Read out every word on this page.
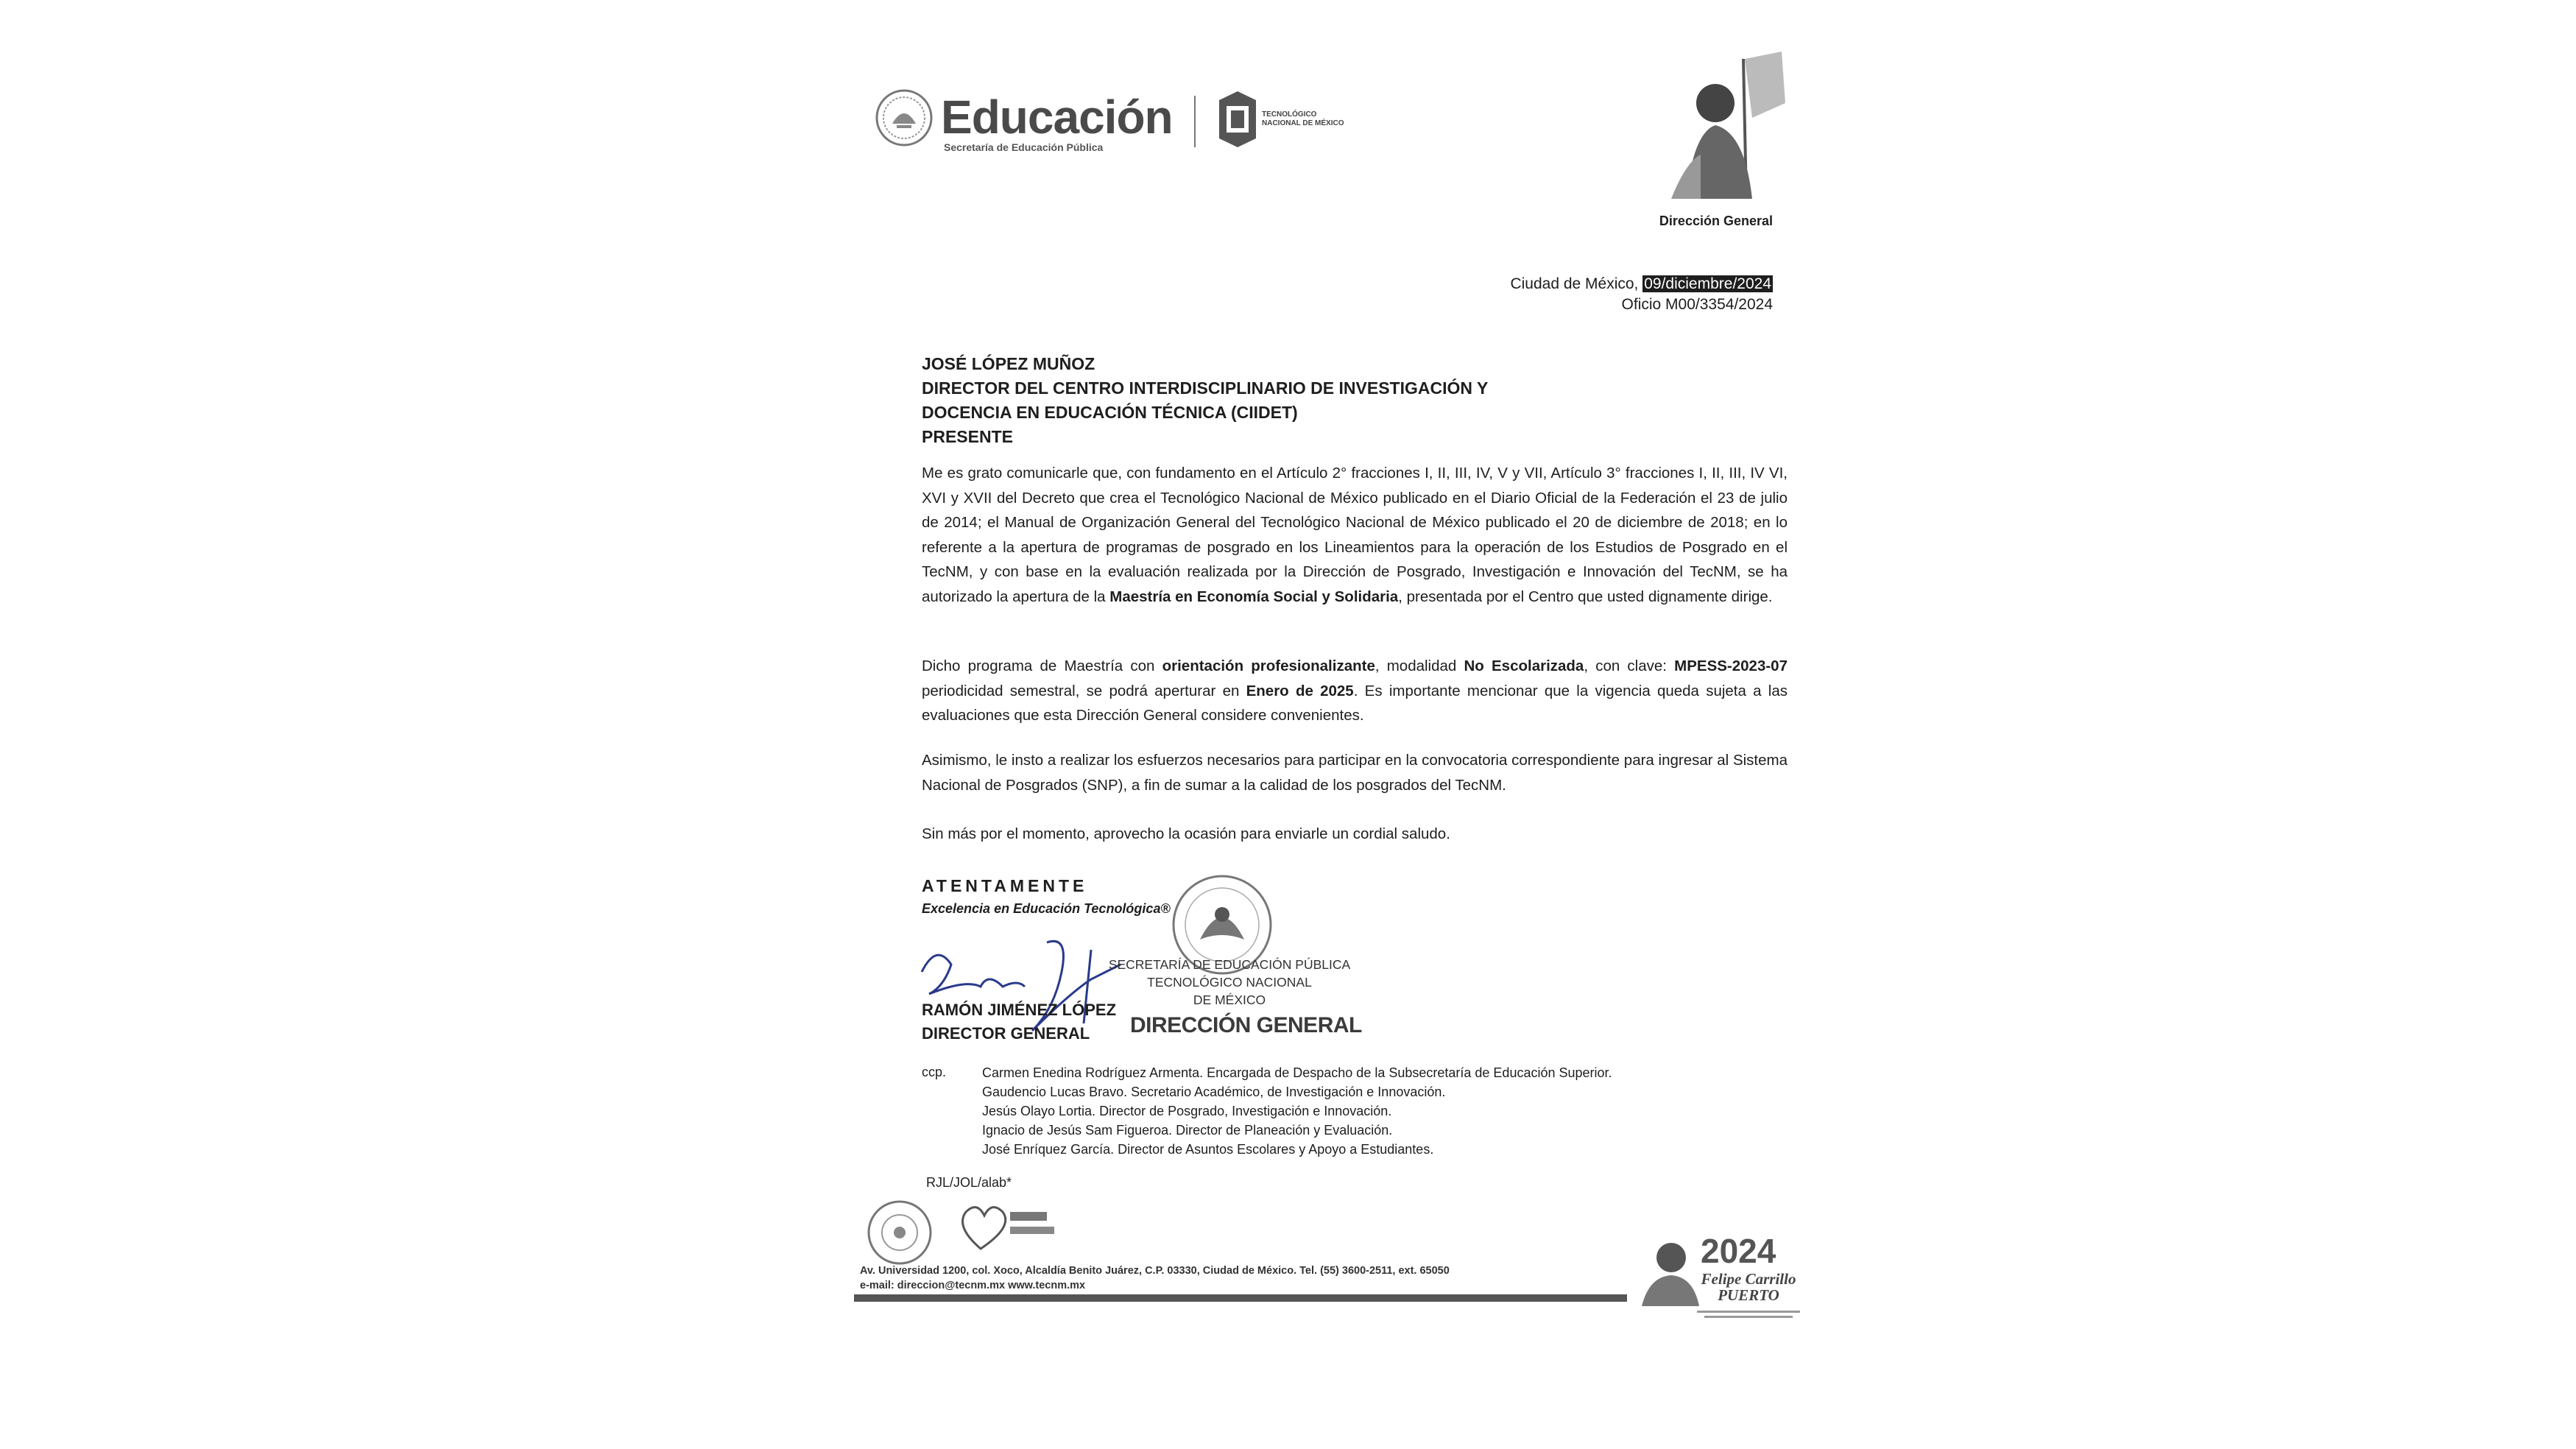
Educación
Secretaría de Educación Pública
TECNOLÓGICO
NACIONAL DE MÉXICO
Dirección General
Ciudad de México, 09/diciembre/2024
Oficio M00/3354/2024
JOSÉ LÓPEZ MUÑOZ
DIRECTOR DEL CENTRO INTERDISCIPLINARIO DE INVESTIGACIÓN Y
DOCENCIA EN EDUCACIÓN TÉCNICA (CIIDET)
PRESENTE

Me es grato comunicarle que, con fundamento en el Artículo 2° fracciones I, II, III, IV, V y VII, Artículo 3° fracciones I, II, III, IV VI, XVI y XVII del Decreto que crea el Tecnológico Nacional de México publicado en el Diario Oficial de la Federación el 23 de julio de 2014; el Manual de Organización General del Tecnológico Nacional de México publicado el 20 de diciembre de 2018; en lo referente a la apertura de programas de posgrado en los Lineamientos para la operación de los Estudios de Posgrado en el TecNM, y con base en la evaluación realizada por la Dirección de Posgrado, Investigación e Innovación del TecNM, se ha autorizado la apertura de la Maestría en Economía Social y Solidaria, presentada por el Centro que usted dignamente dirige.

Dicho programa de Maestría con orientación profesionalizante, modalidad No Escolarizada, con clave: MPESS-2023-07 periodicidad semestral, se podrá aperturar en Enero de 2025. Es importante mencionar que la vigencia queda sujeta a las evaluaciones que esta Dirección General considere convenientes.

Asimismo, le insto a realizar los esfuerzos necesarios para participar en la convocatoria correspondiente para ingresar al Sistema Nacional de Posgrados (SNP), a fin de sumar a la calidad de los posgrados del TecNM.

Sin más por el momento, aprovecho la ocasión para enviarle un cordial saludo.

ATENTAMENTE
Excelencia en Educación Tecnológica®
SECRETARÍA DE EDUCACIÓN PÚBLICA
TECNOLÓGICO NACIONAL
DE MÉXICO
DIRECCIÓN GENERAL
RAMÓN JIMÉNEZ LÓPEZ
DIRECTOR GENERAL
ccp.	Carmen Enedina Rodríguez Armenta. Encargada de Despacho de la Subsecretaría de Educación Superior.
Gaudencio Lucas Bravo. Secretario Académico, de Investigación e Innovación.
Jesús Olayo Lortia. Director de Posgrado, Investigación e Innovación.
Ignacio de Jesús Sam Figueroa. Director de Planeación y Evaluación.
José Enríquez García. Director de Asuntos Escolares y Apoyo a Estudiantes.
RJL/JOL/alab*
Av. Universidad 1200, col. Xoco, Alcaldía Benito Juárez, C.P. 03330, Ciudad de México. Tel. (55) 3600-2511, ext. 65050
e-mail: direccion@tecnm.mx www.tecnm.mx
2024
Felipe Carrillo
PUERTO
